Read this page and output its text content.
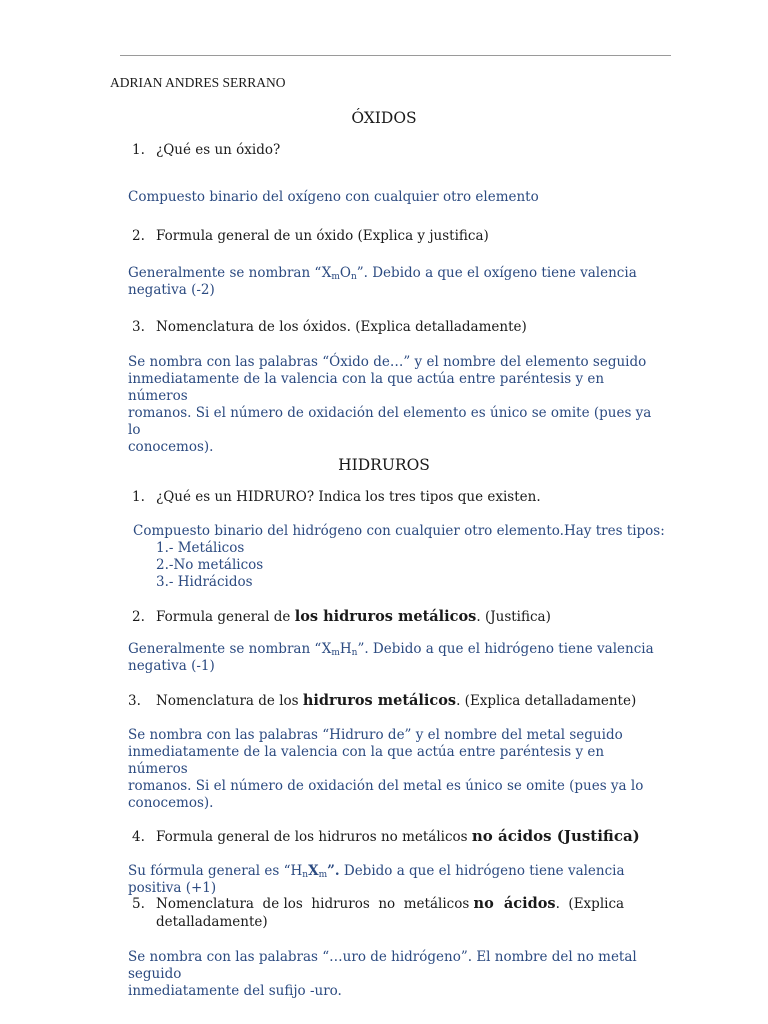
ADRIAN ANDRES SERRANO
ÓXIDOS
1. ¿Qué es un óxido?
Compuesto binario del oxígeno con cualquier otro elemento
2. Formula general de un óxido (Explica y justifica)
Generalmente se nombran “$X_mO_n$”. Debido a que el oxígeno tiene valencia
negativa (-2)
3. Nomenclatura de los óxidos. (Explica detalladamente)
Se nombra con las palabras “Óxido de…” y el nombre del elemento seguido
inmediatamente de la valencia con la que actúa entre paréntesis y en números
romanos. Si el número de oxidación del elemento es único se omite (pues ya lo
conocemos).
HIDRUROS
1. ¿Qué es un HIDRURO? Indica los tres tipos que existen.
Compuesto binario del hidrógeno con cualquier otro elemento.Hay tres tipos:
1.- Metálicos
2.-No metálicos
3.- Hidrácidos
2. Formula general de los hidruros metálicos. (Justifica)
Generalmente se nombran “$X_mH_n$”. Debido a que el hidrógeno tiene valencia
negativa (-1)
3. Nomenclatura de los hidruros metálicos. (Explica detalladamente)
Se nombra con las palabras “Hidruro de” y el nombre del metal seguido
inmediatamente de la valencia con la que actúa entre paréntesis y en números
romanos. Si el número de oxidación del metal es único se omite (pues ya lo
conocemos).
4. Formula general de los hidruros no metálicos no ácidos (Justifica)
Su fórmula general es “$H_nX_m$”. Debido a que el hidrógeno tiene valencia positiva (+1)
5. Nomenclatura  de los  hidruros  no  metálicos no  ácidos.  (Explica
detalladamente)
Se nombra con las palabras “…uro de hidrógeno”. El nombre del no metal seguido
inmediatamente del sufijo -uro.
